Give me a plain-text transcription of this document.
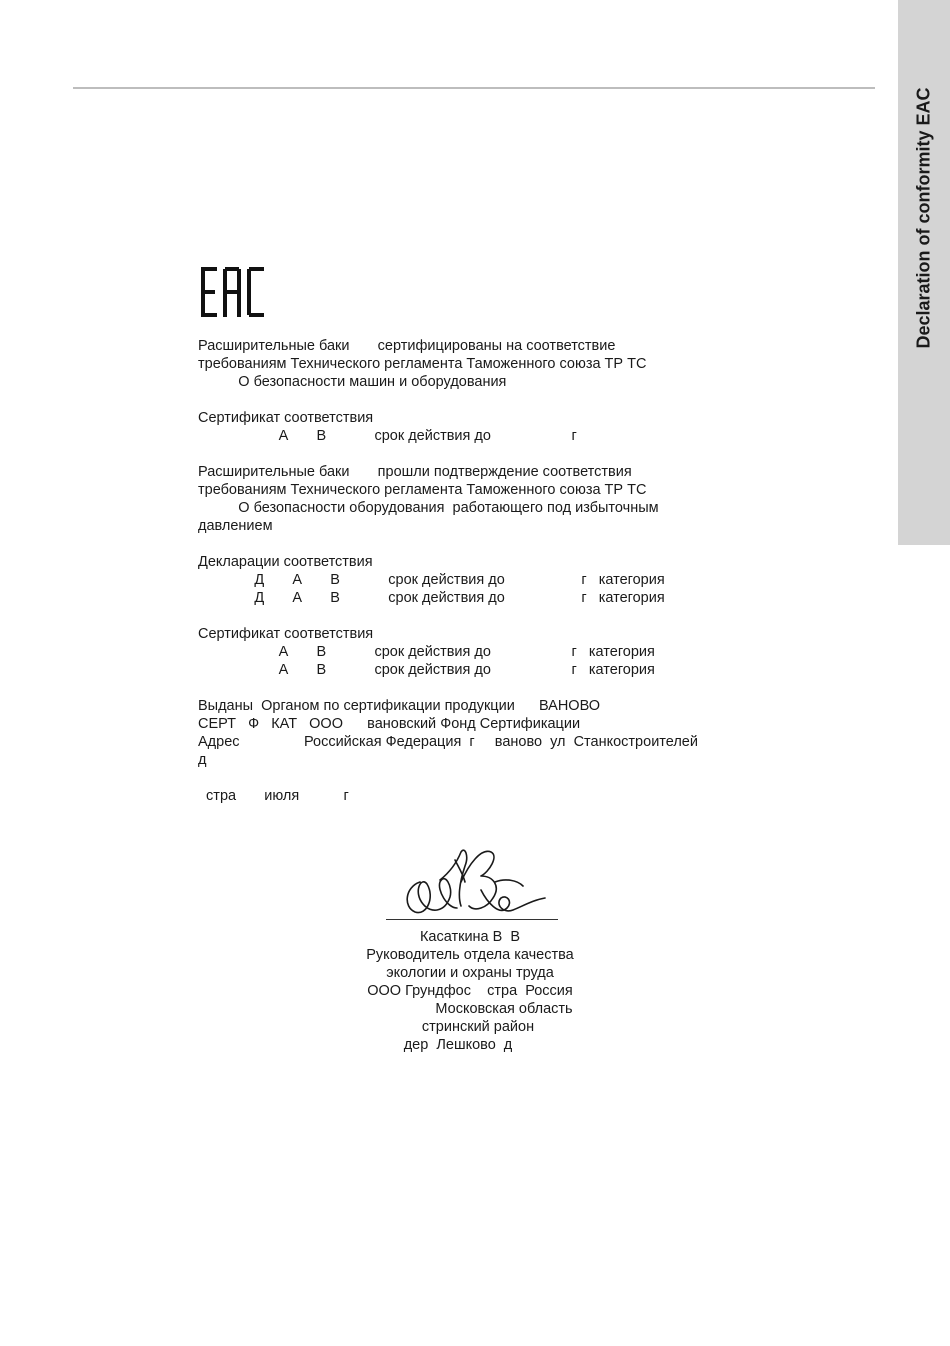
Declaration of conformity EAC
Расширительные баки       сертифицированы на соответствие
требованиям Технического регламента Таможенного союза ТР ТС
О безопасности машин и оборудования
Сертификат соответствия
А       В            срок действия до                    г
Расширительные баки       прошли подтверждение соответствия
требованиям Технического регламента Таможенного союза ТР ТС
О безопасности оборудования  работающего под избыточным
давлением
Декларации соответствия
Д       А       В            срок действия до                   г   категория
Д       А       В            срок действия до                   г   категория
Сертификат соответствия
А       В            срок действия до                    г   категория
А       В            срок действия до                    г   категория
Выданы  Органом по сертификации продукции      ВАНОВО
СЕРТ   Ф   КАТ   ООО      вановский Фонд Сертификации
Адрес                Российская Федерация  г     ваново  ул  Станкостроителей
д
стра       июля           г
Касаткина В  В
Руководитель отдела качества
экологии и охраны труда
ООО Грундфос    стра  Россия
Московская область
стринский район
дер  Лешково  д
